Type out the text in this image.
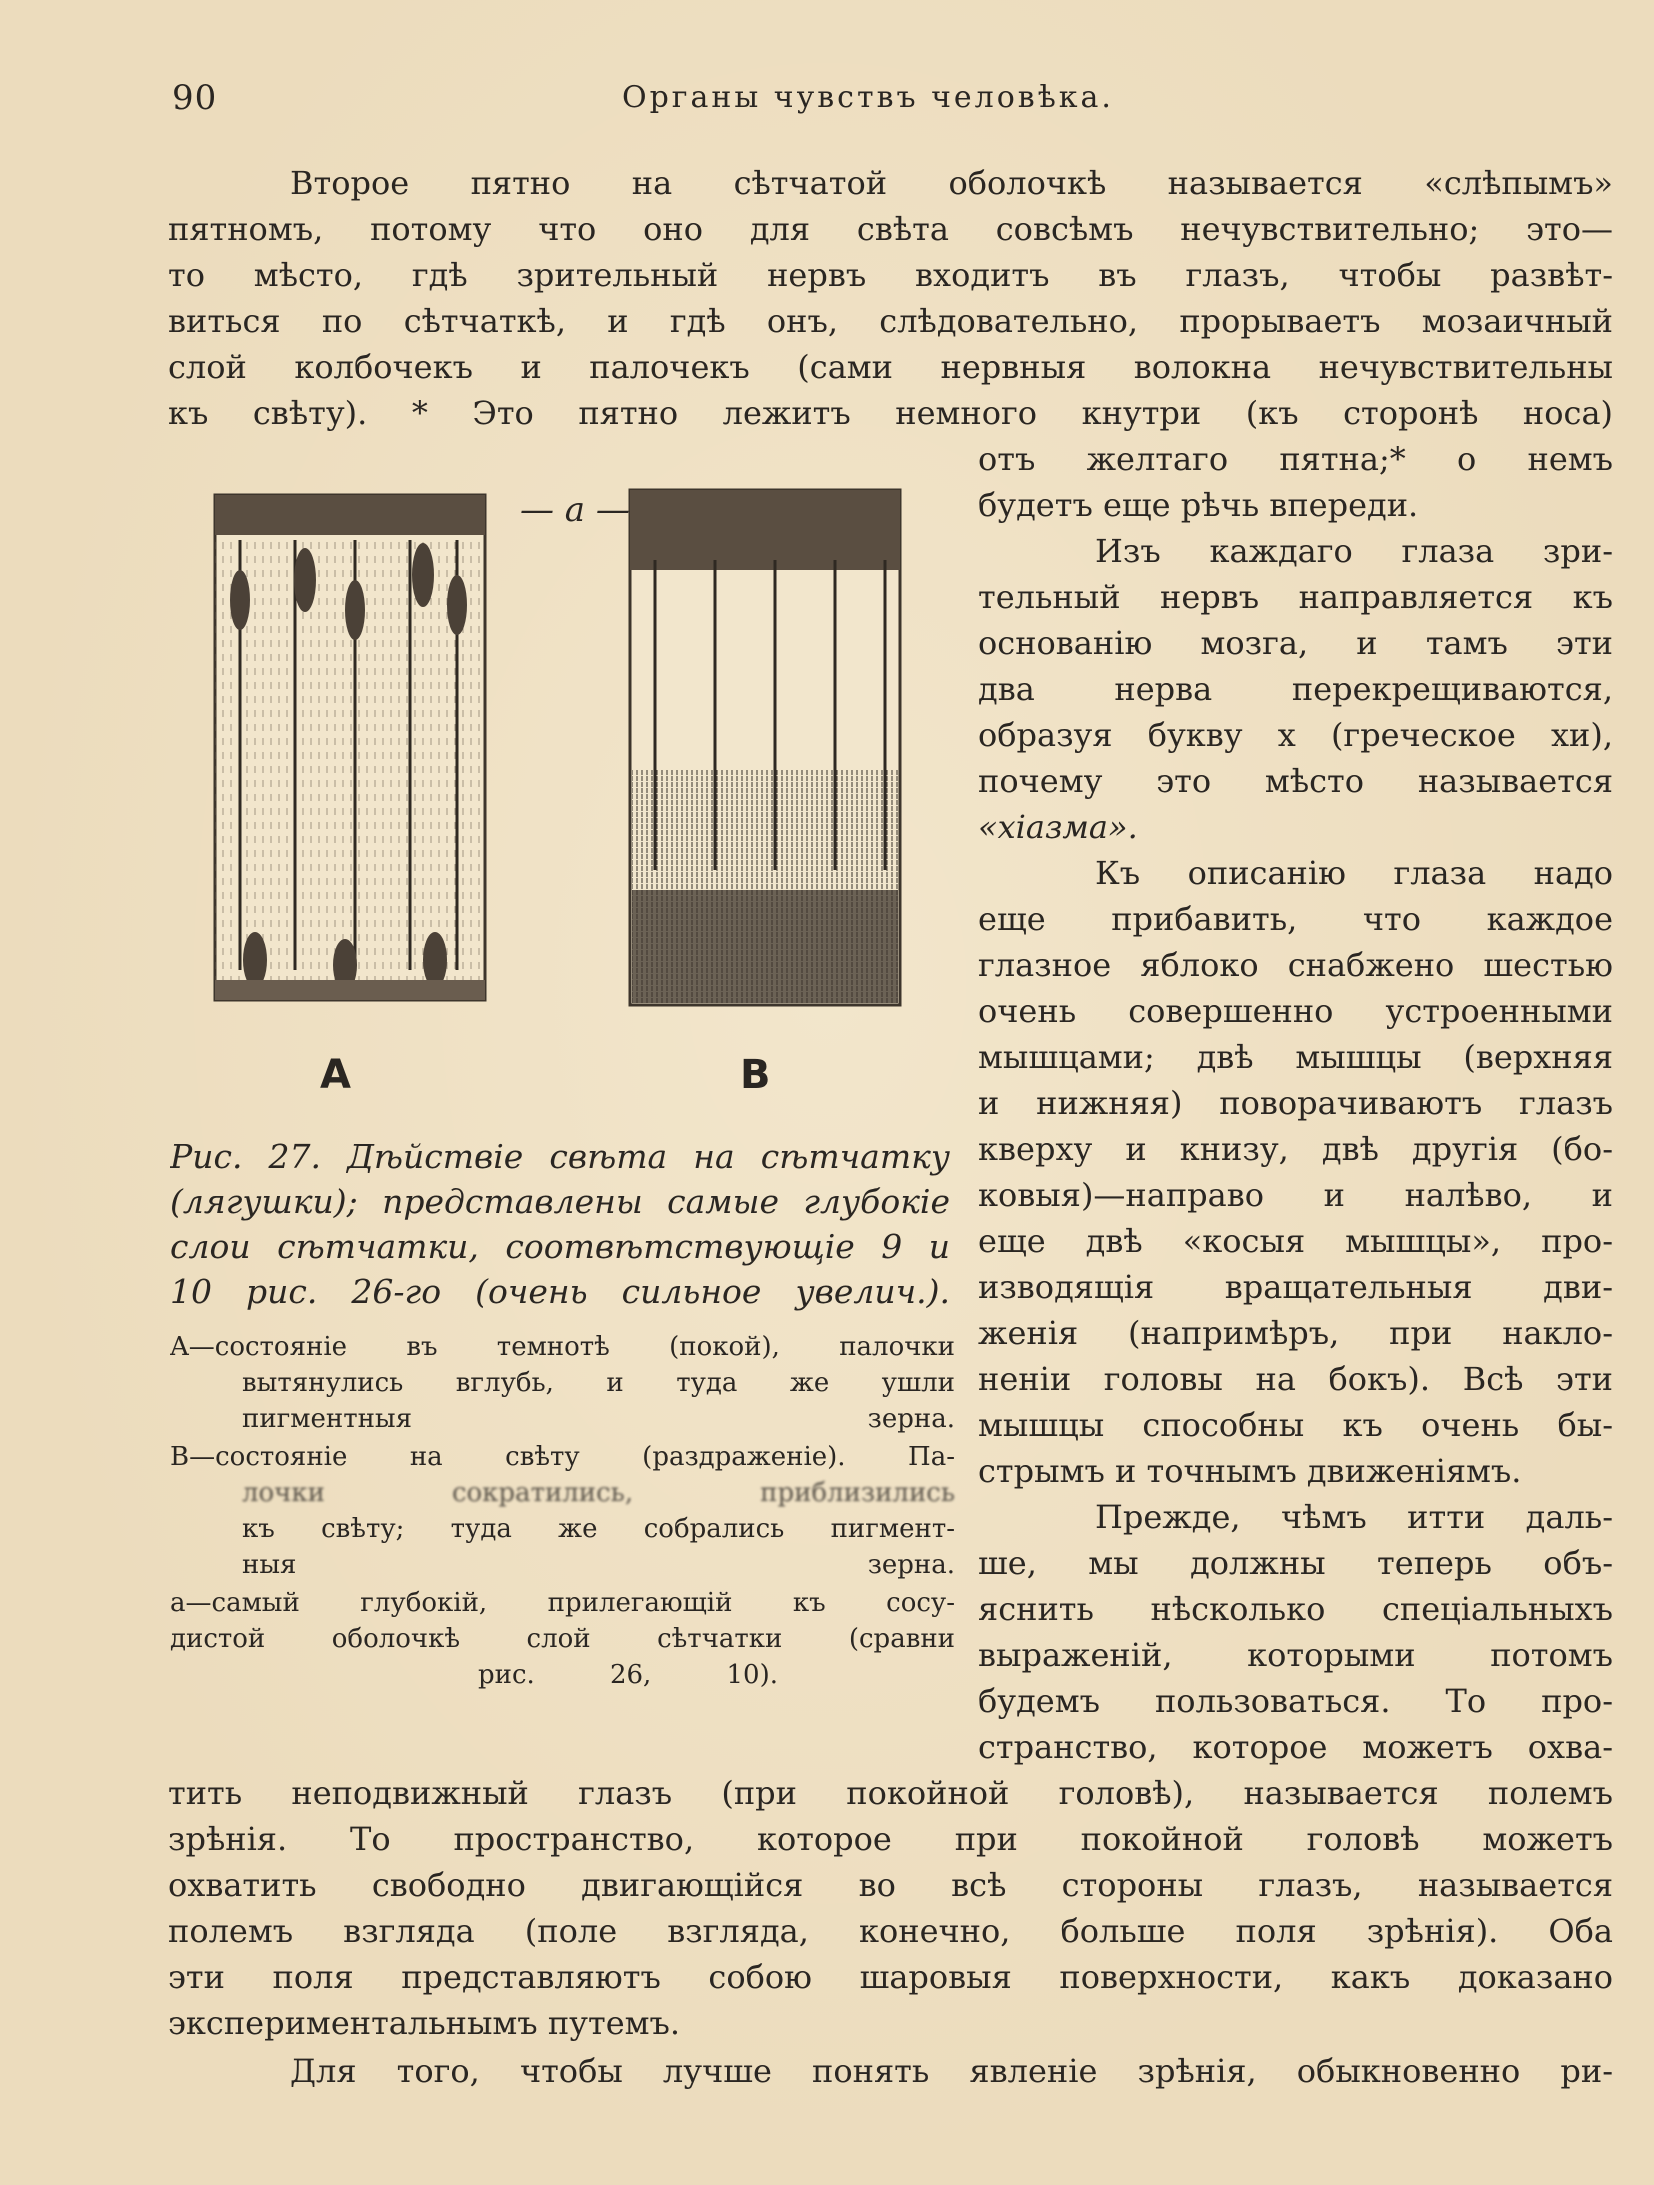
90	Органы чувствъ человѣка.
Второе пятно на сѣтчатой оболочкѣ называется «слѣпымъ»
пятномъ, потому что оно для свѣта совсѣмъ нечувствительно; это—
то мѣсто, гдѣ зрительный нервъ входитъ въ глазъ, чтобы развѣт-
виться по сѣтчаткѣ, и гдѣ онъ, слѣдовательно, прорываетъ мозаичный
слой колбочекъ и палочекъ (сами нервныя волокна нечувствительны
къ свѣту). * Это пятно лежитъ немного кнутри (къ сторонѣ носа)
отъ желтаго пятна;* о немъ
будетъ еще рѣчь впереди.
Изъ каждаго глаза зри-
тельный нервъ направляется къ
основанію мозга, и тамъ эти
два нерва перекрещиваются,
образуя букву x (греческое хи),
почему это мѣсто называется
«хіазма».
Къ описанію глаза надо
еще прибавить, что каждое
глазное яблоко снабжено шестью
очень совершенно устроенными
мышцами; двѣ мышцы (верхняя
и нижняя) поворачиваютъ глазъ
кверху и книзу, двѣ другія (бо-
ковыя)—направо и налѣво, и
еще двѣ «косыя мышцы», про-
изводящія вращательныя дви-
женія (напримѣръ, при накло-
неніи головы на бокъ). Всѣ эти
мышцы способны къ очень бы-
стрымъ и точнымъ движеніямъ.
Прежде, чѣмъ итти даль-
ше, мы должны теперь объ-
яснить нѣсколько спеціальныхъ
выраженій, которыми потомъ
будемъ пользоваться. То про-
странство, которое можетъ охва-
тить неподвижный глазъ (при покойной головѣ), называется полемъ
зрѣнія. То пространство, которое при покойной головѣ можетъ
охватить свободно двигающійся во всѣ стороны глазъ, называется
полемъ взгляда (поле взгляда, конечно, больше поля зрѣнія). Оба
эти поля представляютъ собою шаровыя поверхности, какъ доказано
экспериментальнымъ путемъ.
Для того, чтобы лучше понять явленіе зрѣнія, обыкновенно ри-
— a —
A	B
Рис. 27. Дѣйствіе свѣта на сѣтчатку
(лягушки); представлены самые глубокіе
слои сѣтчатки, соотвѣтствующіе 9 и
10 рис. 26-го (очень сильное увелич.).
A—состояніе въ темнотѣ (покой), палочки
вытянулись вглубь, и туда же ушли
пигментныя зерна.
B—состояніе на свѣту (раздраженіе). Па-
лочки сократились, приблизились
къ свѣту; туда же собрались пигмент-
ныя зерна.
a—самый глубокій, прилегающій къ сосу-
дистой оболочкѣ слой сѣтчатки (сравни
рис. 26, 10).
